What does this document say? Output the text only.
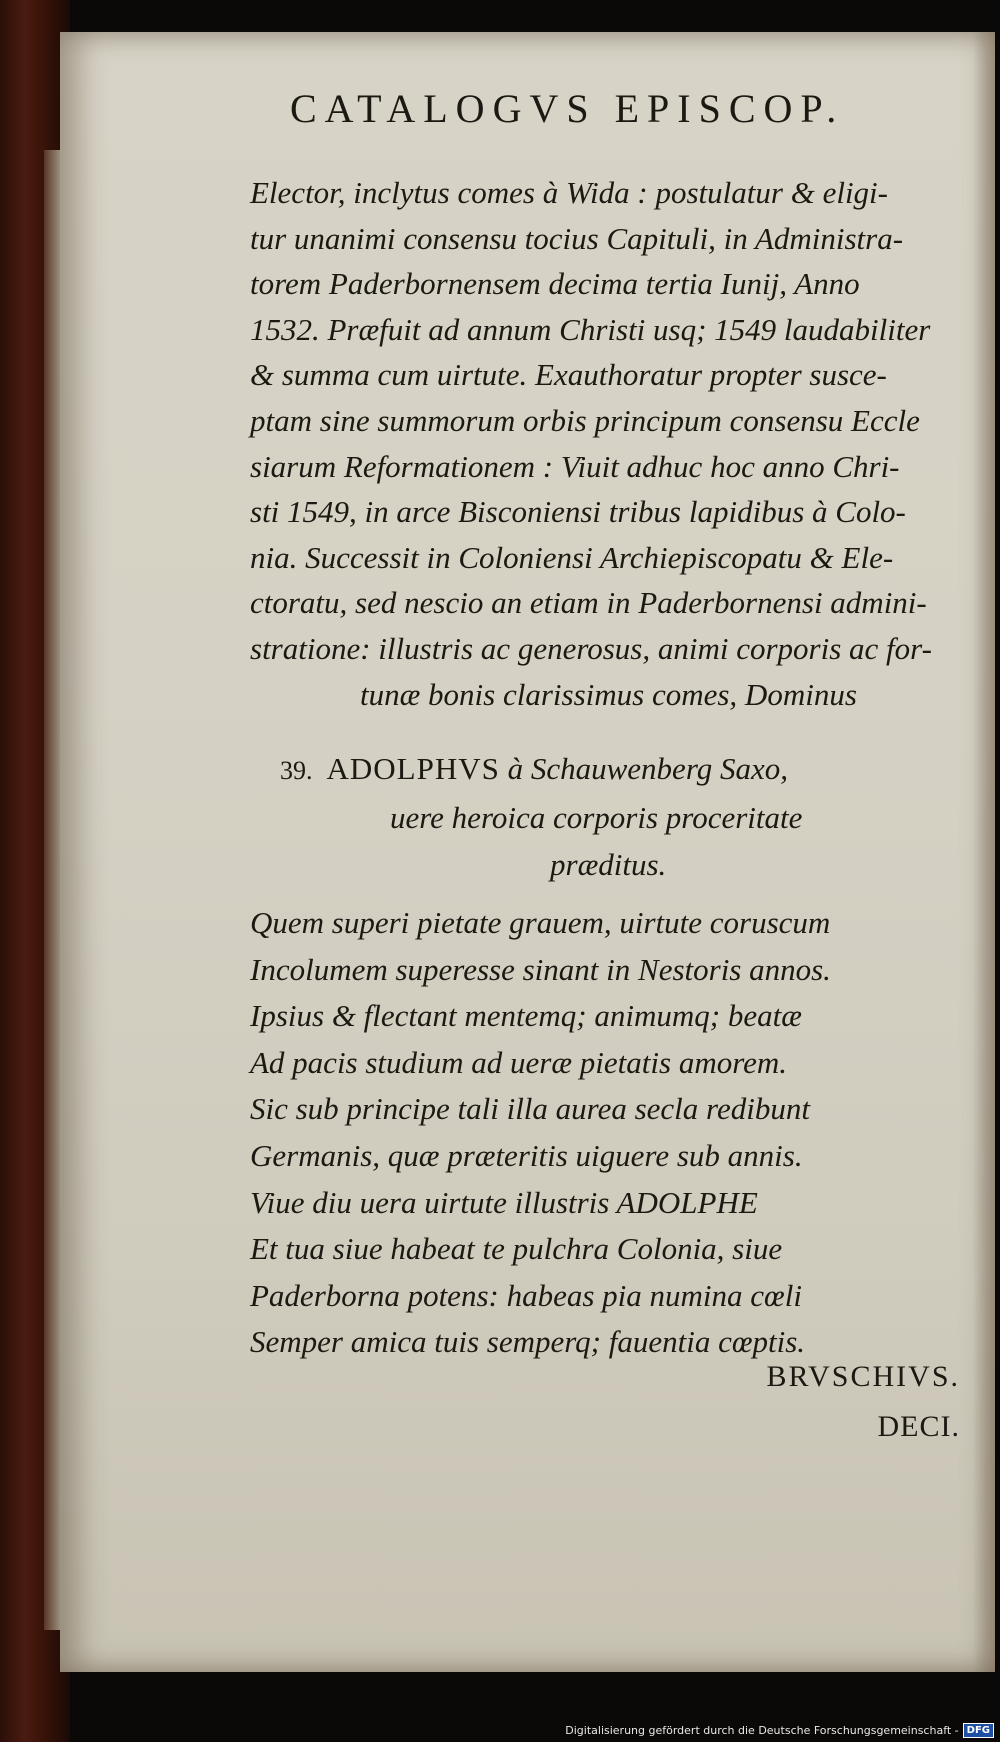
CATALOGVS EPISCOP.
Elector, inclytus comes à Wida : postulatur & eligi-
tur unanimi consensu tocius Capituli, in Administra-
torem Paderbornensem decima tertia Iunij, Anno
1532. Præfuit ad annum Christi usq; 1549 laudabiliter
& summa cum uirtute. Exauthoratur propter susce-
ptam sine summorum orbis principum consensu Eccle
siarum Reformationem : Viuit adhuc hoc anno Chri-
sti 1549, in arce Bisconiensi tribus lapidibus à Colo-
nia. Successit in Coloniensi Archiepiscopatu & Ele-
ctoratu, sed nescio an etiam in Paderbornensi admini-
stratione: illustris ac generosus, animi corporis ac for-
tunæ bonis clarissimus comes, Dominus
39. ADOLPHVS à Schauwenberg Saxo,
uere heroica corporis proceritate
præditus.
Quem superi pietate grauem, uirtute coruscum
Incolumem superesse sinant in Nestoris annos.
Ipsius & flectant mentemq; animumq; beatæ
Ad pacis studium ad ueræ pietatis amorem.
Sic sub principe tali illa aurea secla redibunt
Germanis, quæ præteritis uiguere sub annis.
Viue diu uera uirtute illustris ADOLPHE
Et tua siue habeat te pulchra Colonia, siue
Paderborna potens: habeas pia numina cœli
Semper amica tuis semperq; fauentia cœptis.
BRVSCHIVS.
DECI.
Digitalisierung gefördert durch die Deutsche Forschungsgemeinschaft - DFG
